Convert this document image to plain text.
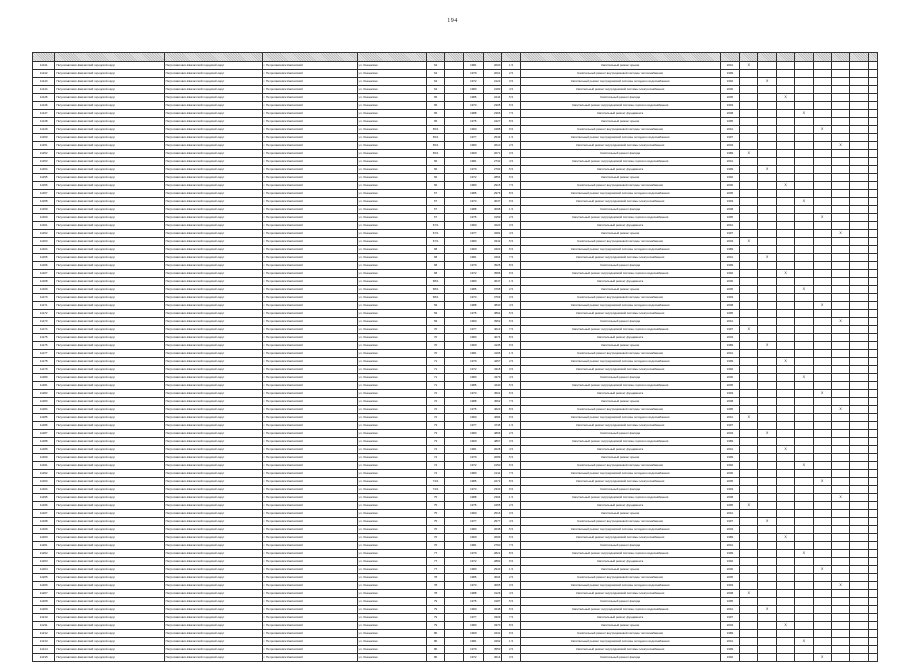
194

11141	Петропавловск-Камчатский городской округ	Петропавловск-Камчатский городской округ	г. Петропавловск-Камчатский	ул. Океанская	64		1981	2000	1.5	Капитальный ремонт крыши	2001	X							
11142	Петропавловск-Камчатский городской округ	Петропавловск-Камчатский городской округ	г. Петропавловск-Камчатский	ул. Океанская	64		1979	2061	2.5	Капитальный ремонт внутридомовой системы теплоснабжения	1999								
11143	Петропавловск-Камчатский городской округ	Петропавловск-Камчатский городской округ	г. Петропавловск-Камчатский	ул. Океанская	64		1972	2122	3.5	Капитальный ремонт внутридомовой системы холодного водоснабжения	1992		X						
11144	Петропавловск-Камчатский городской округ	Петропавловск-Камчатский городской округ	г. Петропавловск-Камчатский	ул. Океанская	64		1980	2183	4.5	Капитальный ремонт внутридомовой системы электроснабжения	2000								
11145	Петропавловск-Камчатский городской округ	Петропавловск-Камчатский городской округ	г. Петропавловск-Камчатский	ул. Океанская	65		1985	2244	5.5	Капитальный ремонт фасада	2005			X					
11146	Петропавловск-Камчатский городской округ	Петропавловск-Камчатский городской округ	г. Петропавловск-Камчатский	ул. Океанская	65		1973	2305	6.5	Капитальный ремонт внутридомовой системы горячего водоснабжения	1993								
11147	Петропавловск-Камчатский городской округ	Петропавловск-Камчатский городской округ	г. Петропавловск-Камчатский	ул. Океанская	65		1988	2366	7.5	Капитальный ремонт фундамента	2008				X				
11148	Петропавловск-Камчатский городской округ	Петропавловск-Камчатский городской округ	г. Петропавловск-Камчатский	ул. Океанская	65		1975	2427	8.5	Капитальный ремонт крыши	1995								
11149	Петропавловск-Камчатский городской округ	Петропавловск-Камчатский городской округ	г. Петропавловск-Камчатский	ул. Океанская	65/1		1990	2488	9.5	Капитальный ремонт внутридомовой системы теплоснабжения	2010					X			
11150	Петропавловск-Камчатский городской округ	Петропавловск-Камчатский городской округ	г. Петропавловск-Камчатский	ул. Океанская	65/1		1977	2549	1.5	Капитальный ремонт внутридомовой системы холодного водоснабжения	1997								
11151	Петропавловск-Камчатский городской округ	Петропавловск-Камчатский городской округ	г. Петропавловск-Камчатский	ул. Океанская	65/1		1983	2610	2.5	Капитальный ремонт внутридомовой системы электроснабжения	2003						X		
11152	Петропавловск-Камчатский городской округ	Петропавловск-Камчатский городской округ	г. Петропавловск-Камчатский	ул. Океанская	65/1		1969	2671	3.5	Капитальный ремонт фасада	1989	X							
11153	Петропавловск-Камчатский городской округ	Петропавловск-Камчатский городской округ	г. Петропавловск-Камчатский	ул. Океанская	66		1981	2732	4.5	Капитальный ремонт внутридомовой системы горячего водоснабжения	2001								
11154	Петропавловск-Камчатский городской округ	Петропавловск-Камчатский городской округ	г. Петропавловск-Камчатский	ул. Океанская	66		1979	2793	5.5	Капитальный ремонт фундамента	1999		X						
11155	Петропавловск-Камчатский городской округ	Петропавловск-Камчатский городской округ	г. Петропавловск-Камчатский	ул. Океанская	66		1972	2854	6.5	Капитальный ремонт крыши	1992								
11156	Петропавловск-Камчатский городской округ	Петропавловск-Камчатский городской округ	г. Петропавловск-Камчатский	ул. Океанская	66		1980	2915	7.5	Капитальный ремонт внутридомовой системы теплоснабжения	2000			X					
11157	Петропавловск-Камчатский городской округ	Петропавловск-Камчатский городской округ	г. Петропавловск-Камчатский	ул. Океанская	67		1985	2976	8.5	Капитальный ремонт внутридомовой системы холодного водоснабжения	2005								
11158	Петропавловск-Камчатский городской округ	Петропавловск-Камчатский городской округ	г. Петропавловск-Камчатский	ул. Океанская	67		1973	3037	9.5	Капитальный ремонт внутридомовой системы электроснабжения	1993				X				
11159	Петропавловск-Камчатский городской округ	Петропавловск-Камчатский городской округ	г. Петропавловск-Камчатский	ул. Океанская	67		1988	3098	1.5	Капитальный ремонт фасада	2008								
11160	Петропавловск-Камчатский городской округ	Петропавловск-Камчатский городской округ	г. Петропавловск-Камчатский	ул. Океанская	67		1975	3159	2.5	Капитальный ремонт внутридомовой системы горячего водоснабжения	1995					X			
11161	Петропавловск-Камчатский городской округ	Петропавловск-Камчатский городской округ	г. Петропавловск-Камчатский	ул. Океанская	67/1		1990	3220	3.5	Капитальный ремонт фундамента	2010								
11162	Петропавловск-Камчатский городской округ	Петропавловск-Камчатский городской округ	г. Петропавловск-Камчатский	ул. Океанская	67/1		1977	3281	4.5	Капитальный ремонт крыши	1997						X		
11163	Петропавловск-Камчатский городской округ	Петропавловск-Камчатский городской округ	г. Петропавловск-Камчатский	ул. Океанская	67/1		1983	3342	5.5	Капитальный ремонт внутридомовой системы теплоснабжения	2003	X							
11164	Петропавловск-Камчатский городской округ	Петропавловск-Камчатский городской округ	г. Петропавловск-Камчатский	ул. Океанская	68		1969	3403	6.5	Капитальный ремонт внутридомовой системы холодного водоснабжения	1989								
11165	Петропавловск-Камчатский городской округ	Петропавловск-Камчатский городской округ	г. Петропавловск-Камчатский	ул. Океанская	68		1981	3464	7.5	Капитальный ремонт внутридомовой системы электроснабжения	2001		X						
11166	Петропавловск-Камчатский городской округ	Петропавловск-Камчатский городской округ	г. Петропавловск-Камчатский	ул. Океанская	68		1979	3525	8.5	Капитальный ремонт фасада	1999								
11167	Петропавловск-Камчатский городской округ	Петропавловск-Камчатский городской округ	г. Петропавловск-Камчатский	ул. Океанская	68		1972	3586	9.5	Капитальный ремонт внутридомовой системы горячего водоснабжения	1992			X					
11168	Петропавловск-Камчатский городской округ	Петропавловск-Камчатский городской округ	г. Петропавловск-Камчатский	ул. Океанская	68/1		1980	3647	1.5	Капитальный ремонт фундамента	2000								
11169	Петропавловск-Камчатский городской округ	Петропавловск-Камчатский городской округ	г. Петропавловск-Камчатский	ул. Океанская	68/1		1985	3708	2.5	Капитальный ремонт крыши	2005				X				
11170	Петропавловск-Камчатский городской округ	Петропавловск-Камчатский городской округ	г. Петропавловск-Камчатский	ул. Океанская	68/1		1973	3769	3.5	Капитальный ремонт внутридомовой системы теплоснабжения	1993								
11171	Петропавловск-Камчатский городской округ	Петропавловск-Камчатский городской округ	г. Петропавловск-Камчатский	ул. Океанская	69		1988	3830	4.5	Капитальный ремонт внутридомовой системы холодного водоснабжения	2008					X			
11172	Петропавловск-Камчатский городской округ	Петропавловск-Камчатский городской округ	г. Петропавловск-Камчатский	ул. Океанская	69		1975	3891	5.5	Капитальный ремонт внутридомовой системы электроснабжения	1995								
11173	Петропавловск-Камчатский городской округ	Петропавловск-Камчатский городской округ	г. Петропавловск-Камчатский	ул. Океанская	69		1990	3952	6.5	Капитальный ремонт фасада	2010						X		
11174	Петропавловск-Камчатский городской округ	Петропавловск-Камчатский городской округ	г. Петропавловск-Камчатский	ул. Океанская	70		1977	4013	7.5	Капитальный ремонт внутридомовой системы горячего водоснабжения	1997	X							
11175	Петропавловск-Камчатский городской округ	Петропавловск-Камчатский городской округ	г. Петропавловск-Камчатский	ул. Океанская	70		1983	4074	8.5	Капитальный ремонт фундамента	2003								
11176	Петропавловск-Камчатский городской округ	Петропавловск-Камчатский городской округ	г. Петропавловск-Камчатский	ул. Океанская	70		1969	4135	9.5	Капитальный ремонт крыши	1989		X						
11177	Петропавловск-Камчатский городской округ	Петропавловск-Камчатский городской округ	г. Петропавловск-Камчатский	ул. Океанская	70		1981	4196	1.5	Капитальный ремонт внутридомовой системы теплоснабжения	2001								
11178	Петропавловск-Камчатский городской округ	Петропавловск-Камчатский городской округ	г. Петропавловск-Камчатский	ул. Океанская	71		1979	4257	2.5	Капитальный ремонт внутридомовой системы холодного водоснабжения	1999			X					
11179	Петропавловск-Камчатский городской округ	Петропавловск-Камчатский городской округ	г. Петропавловск-Камчатский	ул. Океанская	71		1972	4318	3.5	Капитальный ремонт внутридомовой системы электроснабжения	1992								
11180	Петропавловск-Камчатский городской округ	Петропавловск-Камчатский городской округ	г. Петропавловск-Камчатский	ул. Океанская	71		1980	4379	4.5	Капитальный ремонт фасада	2000				X				
11181	Петропавловск-Камчатский городской округ	Петропавловск-Камчатский городской округ	г. Петропавловск-Камчатский	ул. Океанская	71		1985	4440	5.5	Капитальный ремонт внутридомовой системы горячего водоснабжения	2005								
11182	Петропавловск-Камчатский городской округ	Петропавловск-Камчатский городской округ	г. Петропавловск-Камчатский	ул. Океанская	72		1973	4501	6.5	Капитальный ремонт фундамента	1993					X			
11183	Петропавловск-Камчатский городской округ	Петропавловск-Камчатский городской округ	г. Петропавловск-Камчатский	ул. Океанская	72		1988	4562	7.5	Капитальный ремонт крыши	2008								
11184	Петропавловск-Камчатский городской округ	Петропавловск-Камчатский городской округ	г. Петропавловск-Камчатский	ул. Океанская	72		1975	4623	8.5	Капитальный ремонт внутридомовой системы теплоснабжения	1995						X		
11185	Петропавловск-Камчатский городской округ	Петропавловск-Камчатский городской округ	г. Петропавловск-Камчатский	ул. Океанская	72		1990	4684	9.5	Капитальный ремонт внутридомовой системы холодного водоснабжения	2010	X							
11186	Петропавловск-Камчатский городской округ	Петропавловск-Камчатский городской округ	г. Петропавловск-Камчатский	ул. Океанская	73		1977	4745	1.5	Капитальный ремонт внутридомовой системы электроснабжения	1997								
11187	Петропавловск-Камчатский городской округ	Петропавловск-Камчатский городской округ	г. Петропавловск-Камчатский	ул. Океанская	73		1983	4806	2.5	Капитальный ремонт фасада	2003		X						
11188	Петропавловск-Камчатский городской округ	Петропавловск-Камчатский городской округ	г. Петропавловск-Камчатский	ул. Океанская	73		1969	4867	3.5	Капитальный ремонт внутридомовой системы горячего водоснабжения	1989								
11189	Петропавловск-Камчатский городской округ	Петропавловск-Камчатский городской округ	г. Петропавловск-Камчатский	ул. Океанская	74		1981	2028	4.5	Капитальный ремонт фундамента	2001			X					
11190	Петропавловск-Камчатский городской округ	Петропавловск-Камчатский городской округ	г. Петропавловск-Камчатский	ул. Океанская	74		1979	2089	5.5	Капитальный ремонт крыши	1999								
11191	Петропавловск-Камчатский городской округ	Петропавловск-Камчатский городской округ	г. Петропавловск-Камчатский	ул. Океанская	74		1972	2150	6.5	Капитальный ремонт внутридомовой системы теплоснабжения	1992				X				
11192	Петропавловск-Камчатский городской округ	Петропавловск-Камчатский городской округ	г. Петропавловск-Камчатский	ул. Океанская	74		1980	2211	7.5	Капитальный ремонт внутридомовой системы холодного водоснабжения	2000								
11193	Петропавловск-Камчатский городской округ	Петропавловск-Камчатский городской округ	г. Петропавловск-Камчатский	ул. Океанская	74/1		1985	2272	8.5	Капитальный ремонт внутридомовой системы электроснабжения	2005					X			
11194	Петропавловск-Камчатский городской округ	Петропавловск-Камчатский городской округ	г. Петропавловск-Камчатский	ул. Океанская	74/1		1973	2333	9.5	Капитальный ремонт фасада	1993								
11195	Петропавловск-Камчатский городской округ	Петропавловск-Камчатский городской округ	г. Петропавловск-Камчатский	ул. Океанская	75		1988	2394	1.5	Капитальный ремонт внутридомовой системы горячего водоснабжения	2008						X		
11196	Петропавловск-Камчатский городской округ	Петропавловск-Камчатский городской округ	г. Петропавловск-Камчатский	ул. Океанская	75		1975	2455	2.5	Капитальный ремонт фундамента	1995	X							
11197	Петропавловск-Камчатский городской округ	Петропавловск-Камчатский городской округ	г. Петропавловск-Камчатский	ул. Океанская	75		1990	2516	3.5	Капитальный ремонт крыши	2010								
11198	Петропавловск-Камчатский городской округ	Петропавловск-Камчатский городской округ	г. Петропавловск-Камчатский	ул. Океанская	75		1977	2577	4.5	Капитальный ремонт внутридомовой системы теплоснабжения	1997		X						
11199	Петропавловск-Камчатский городской округ	Петропавловск-Камчатский городской округ	г. Петропавловск-Камчатский	ул. Океанская	76		1983	2638	5.5	Капитальный ремонт внутридомовой системы холодного водоснабжения	2003								
11200	Петропавловск-Камчатский городской округ	Петропавловск-Камчатский городской округ	г. Петропавловск-Камчатский	ул. Океанская	76		1969	2699	6.5	Капитальный ремонт внутридомовой системы электроснабжения	1989			X					
11201	Петропавловск-Камчатский городской округ	Петропавловск-Камчатский городской округ	г. Петропавловск-Камчатский	ул. Океанская	76		1981	2760	7.5	Капитальный ремонт фасада	2001								
11202	Петропавловск-Камчатский городской округ	Петропавловск-Камчатский городской округ	г. Петропавловск-Камчатский	ул. Океанская	77		1979	2821	8.5	Капитальный ремонт внутридомовой системы горячего водоснабжения	1999				X				
11203	Петропавловск-Камчатский городской округ	Петропавловск-Камчатский городской округ	г. Петропавловск-Камчатский	ул. Океанская	77		1972	2882	9.5	Капитальный ремонт фундамента	1992								
11204	Петропавловск-Камчатский городской округ	Петропавловск-Камчатский городской округ	г. Петропавловск-Камчатский	ул. Океанская	77		1980	2943	1.5	Капитальный ремонт крыши	2000					X			
11205	Петропавловск-Камчатский городской округ	Петропавловск-Камчатский городской округ	г. Петропавловск-Камчатский	ул. Океанская	78		1985	3004	2.5	Капитальный ремонт внутридомовой системы теплоснабжения	2005								
11206	Петропавловск-Камчатский городской округ	Петропавловск-Камчатский городской округ	г. Петропавловск-Камчатский	ул. Океанская	78		1973	3065	3.5	Капитальный ремонт внутридомовой системы холодного водоснабжения	1993						X		
11207	Петропавловск-Камчатский городской округ	Петропавловск-Камчатский городской округ	г. Петропавловск-Камчатский	ул. Океанская	78		1988	3126	4.5	Капитальный ремонт внутридомовой системы электроснабжения	2008	X							
11208	Петропавловск-Камчатский городской округ	Петропавловск-Камчатский городской округ	г. Петропавловск-Камчатский	ул. Океанская	79		1975	3187	5.5	Капитальный ремонт фасада	1995								
11209	Петропавловск-Камчатский городской округ	Петропавловск-Камчатский городской округ	г. Петропавловск-Камчатский	ул. Океанская	79		1990	3248	6.5	Капитальный ремонт внутридомовой системы горячего водоснабжения	2010		X						
11210	Петропавловск-Камчатский городской округ	Петропавловск-Камчатский городской округ	г. Петропавловск-Камчатский	ул. Океанская	79		1977	3309	7.5	Капитальный ремонт фундамента	1997								
11211	Петропавловск-Камчатский городской округ	Петропавловск-Камчатский городской округ	г. Петропавловск-Камчатский	ул. Океанская	79		1983	3370	8.5	Капитальный ремонт крыши	2003			X					
11212	Петропавловск-Камчатский городской округ	Петропавловск-Камчатский городской округ	г. Петропавловск-Камчатский	ул. Океанская	80		1969	3431	9.5	Капитальный ремонт внутридомовой системы теплоснабжения	1989								
11213	Петропавловск-Камчатский городской округ	Петропавловск-Камчатский городской округ	г. Петропавловск-Камчатский	ул. Океанская	80		1981	3492	1.5	Капитальный ремонт внутридомовой системы холодного водоснабжения	2001				X				
11214	Петропавловск-Камчатский городской округ	Петропавловск-Камчатский городской округ	г. Петропавловск-Камчатский	ул. Океанская	80		1979	3553	2.5	Капитальный ремонт внутридомовой системы электроснабжения	1999								
11215	Петропавловск-Камчатский городской округ	Петропавловск-Камчатский городской округ	г. Петропавловск-Камчатский	ул. Океанская	80		1972	3614	3.5	Капитальный ремонт фасада	1992					X			
